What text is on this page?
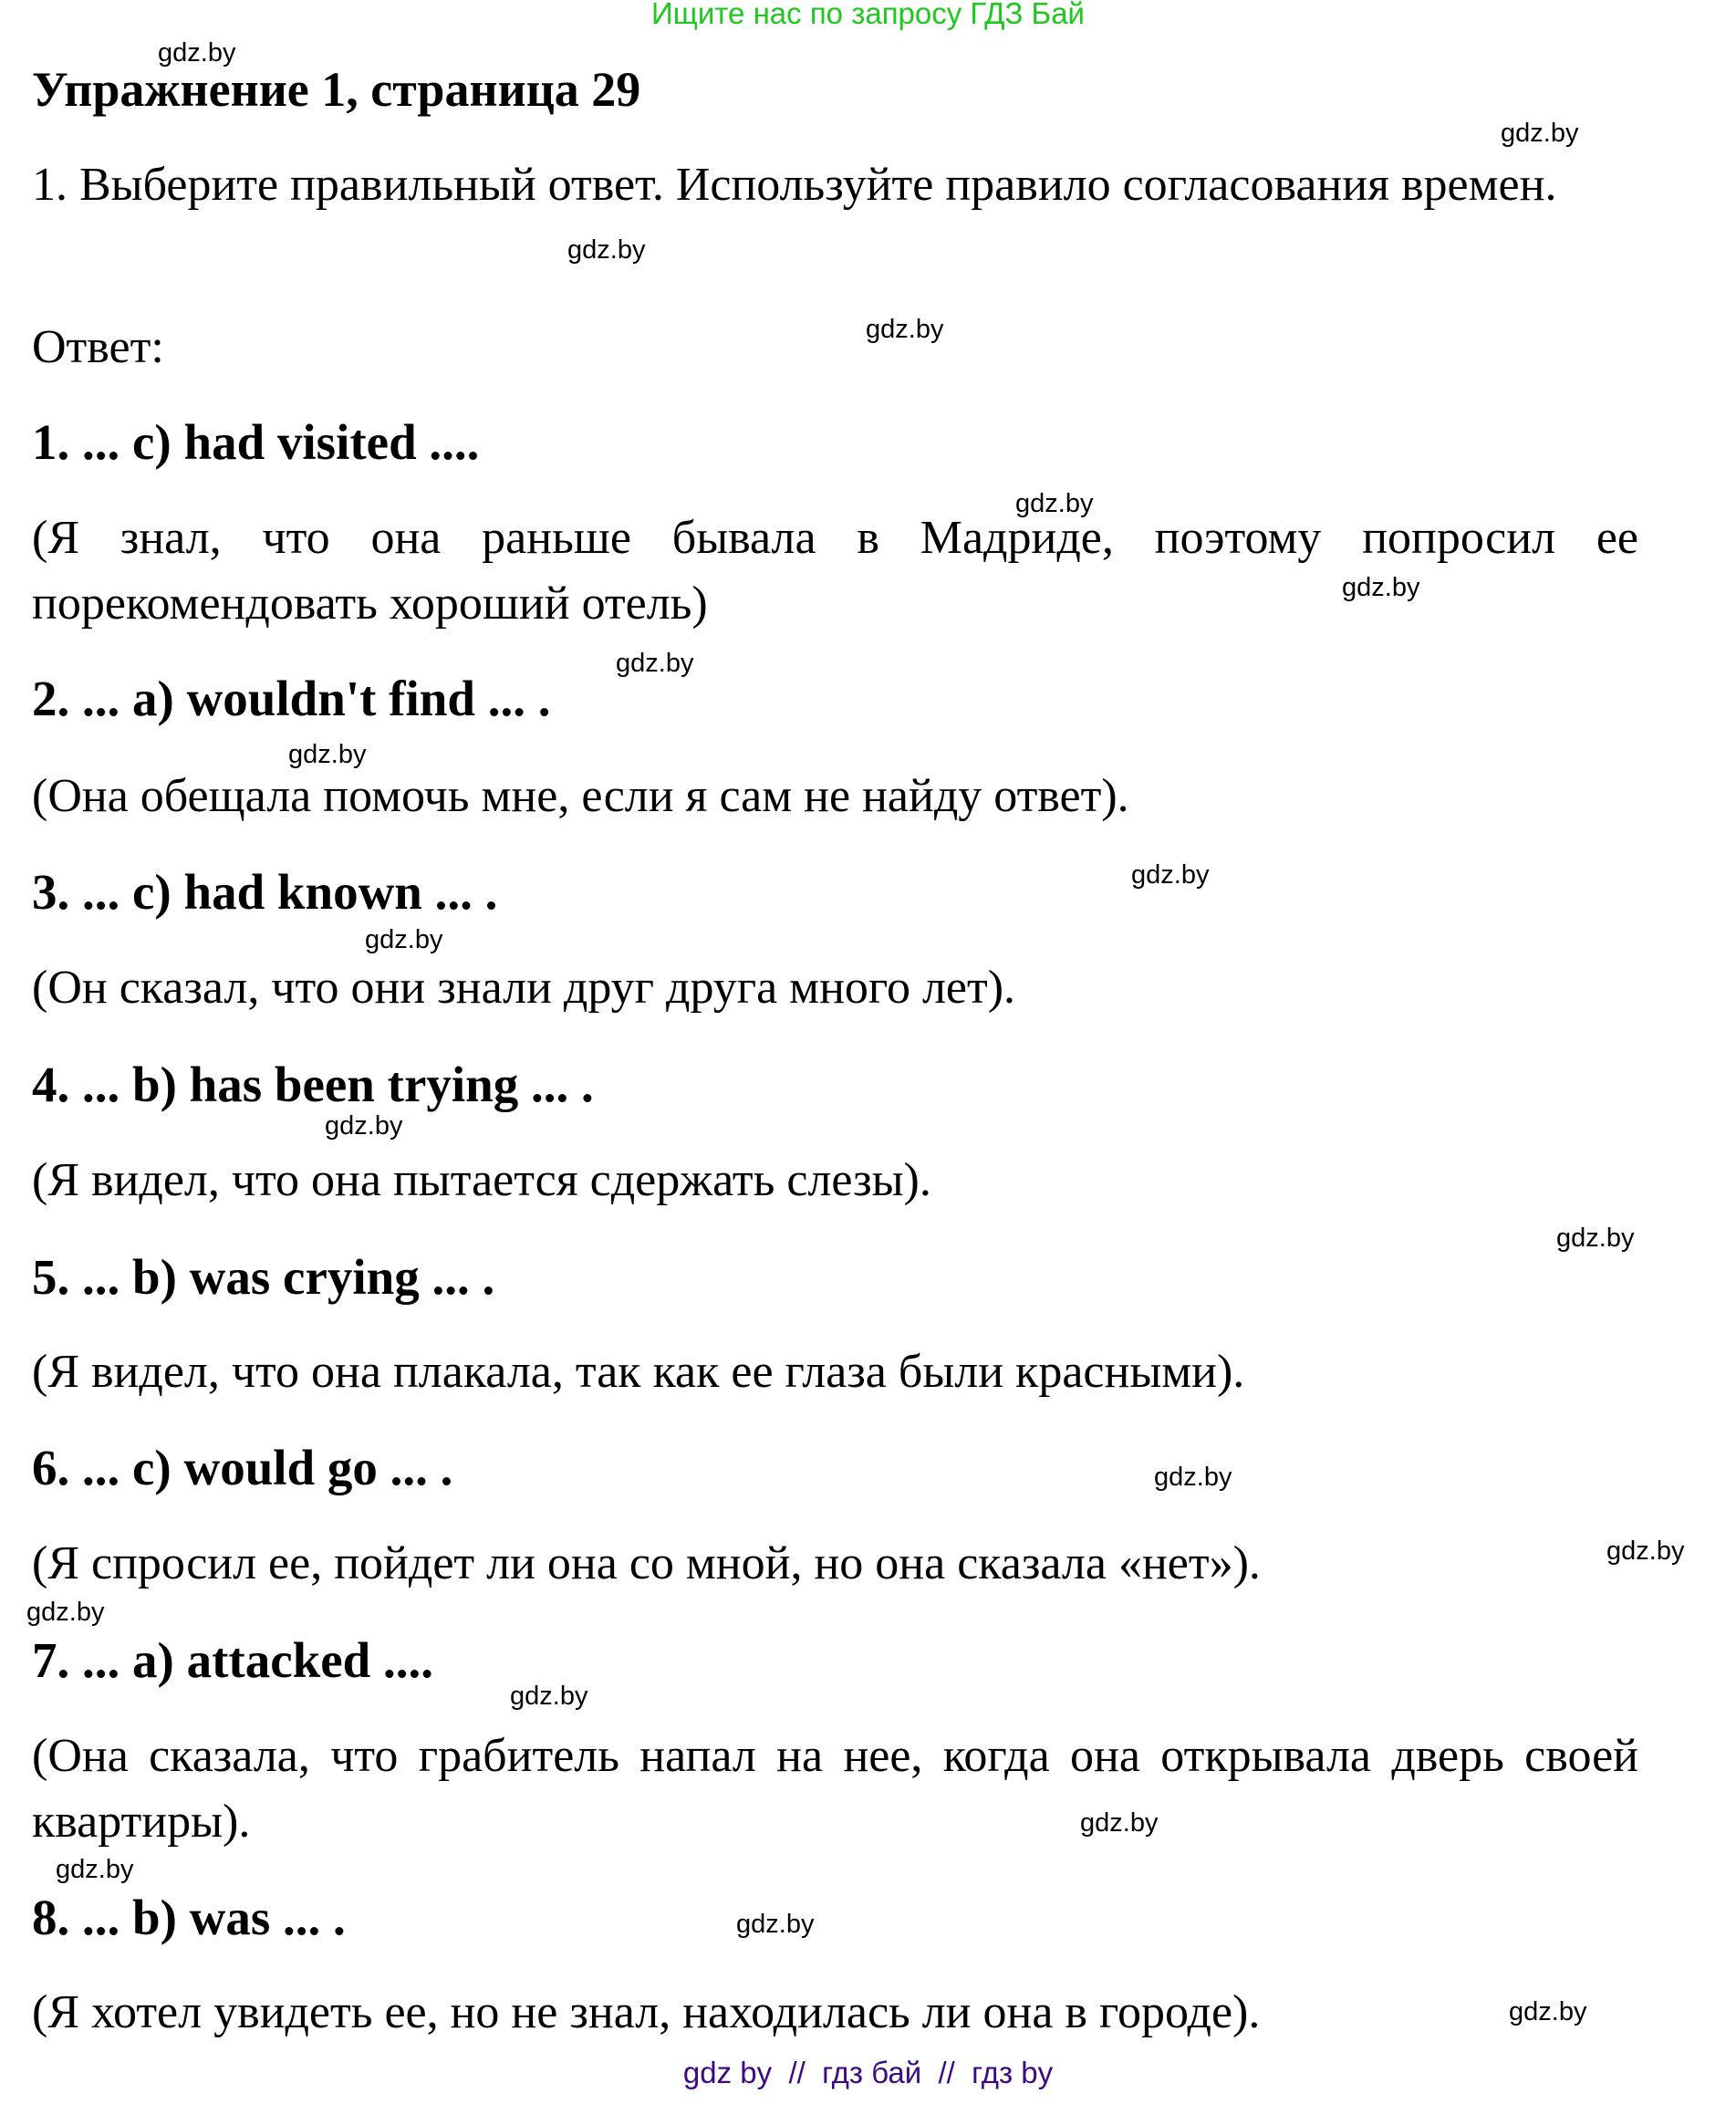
Ищите нас по запросу ГДЗ Бай
Упражнение 1, страница 29
1. Выберите правильный ответ. Используйте правило согласования времен.
Ответ:
1. ... c) had visited ....
(Я знал, что она раньше бывала в Мадриде, поэтому попросил ее порекомендовать хороший отель)
2. ... a) wouldn't find ... .
(Она обещала помочь мне, если я сам не найду ответ).
3. ... c) had known ... .
(Он сказал, что они знали друг друга много лет).
4. ... b) has been trying ... .
(Я видел, что она пытается сдержать слезы).
5. ... b) was crying ... .
(Я видел, что она плакала, так как ее глаза были красными).
6. ... c) would go ... .
(Я спросил ее, пойдет ли она со мной, но она сказала «нет»).
7. ... a) attacked ....
(Она сказала, что грабитель напал на нее, когда она открывала дверь своей квартиры).
8. ... b) was ... .
(Я хотел увидеть ее, но не знал, находилась ли она в городе).
gdz.by
gdz.by
gdz.by
gdz.by
gdz.by
gdz.by
gdz.by
gdz.by
gdz.by
gdz.by
gdz.by
gdz.by
gdz.by
gdz.by
gdz.by
gdz.by
gdz.by
gdz.by
gdz.by
gdz.by
gdz by  //  гдз бай  //  гдз by
